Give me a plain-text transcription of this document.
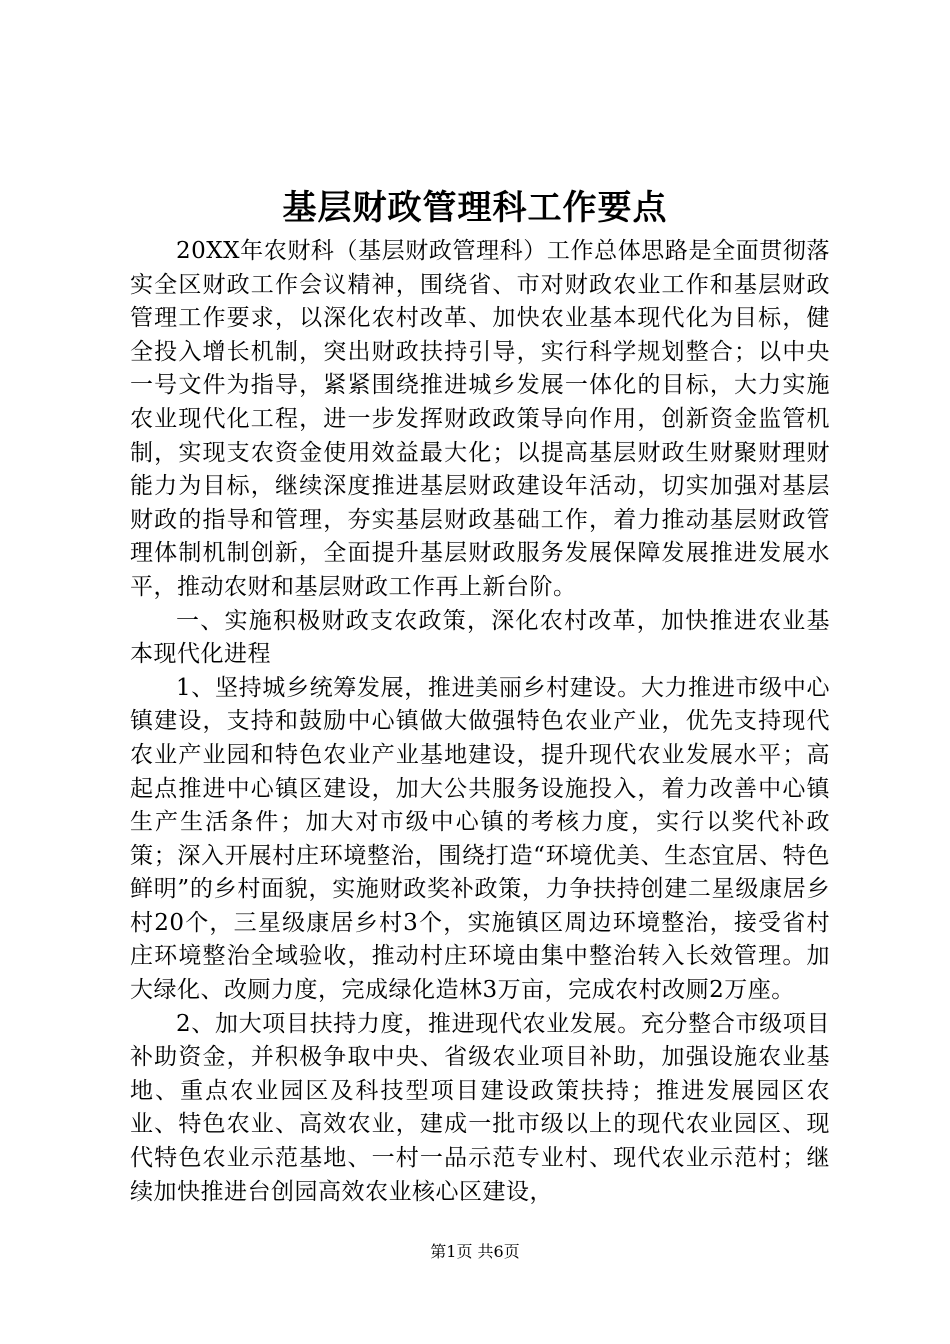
基层财政管理科工作要点

20XX年农财科（基层财政管理科）工作总体思路是全面贯彻落实全区财政工作会议精神，围绕省、市对财政农业工作和基层财政管理工作要求，以深化农村改革、加快农业基本现代化为目标，健全投入增长机制，突出财政扶持引导，实行科学规划整合；以中央一号文件为指导，紧紧围绕推进城乡发展一体化的目标，大力实施农业现代化工程，进一步发挥财政政策导向作用，创新资金监管机制，实现支农资金使用效益最大化；以提高基层财政生财聚财理财能力为目标，继续深度推进基层财政建设年活动，切实加强对基层财政的指导和管理，夯实基层财政基础工作，着力推动基层财政管理体制机制创新，全面提升基层财政服务发展保障发展推进发展水平，推动农财和基层财政工作再上新台阶。

一、实施积极财政支农政策，深化农村改革，加快推进农业基本现代化进程

1、坚持城乡统筹发展，推进美丽乡村建设。大力推进市级中心镇建设，支持和鼓励中心镇做大做强特色农业产业，优先支持现代农业产业园和特色农业产业基地建设，提升现代农业发展水平；高起点推进中心镇区建设，加大公共服务设施投入，着力改善中心镇生产生活条件；加大对市级中心镇的考核力度，实行以奖代补政策；深入开展村庄环境整治，围绕打造“环境优美、生态宜居、特色鲜明”的乡村面貌，实施财政奖补政策，力争扶持创建二星级康居乡村20个，三星级康居乡村3个，实施镇区周边环境整治，接受省村庄环境整治全域验收，推动村庄环境由集中整治转入长效管理。加大绿化、改厕力度，完成绿化造林3万亩，完成农村改厕2万座。

2、加大项目扶持力度，推进现代农业发展。充分整合市级项目补助资金，并积极争取中央、省级农业项目补助，加强设施农业基地、重点农业园区及科技型项目建设政策扶持；推进发展园区农业、特色农业、高效农业，建成一批市级以上的现代农业园区、现代特色农业示范基地、一村一品示范专业村、现代农业示范村；继续加快推进台创园高效农业核心区建设，

第1页 共6页
